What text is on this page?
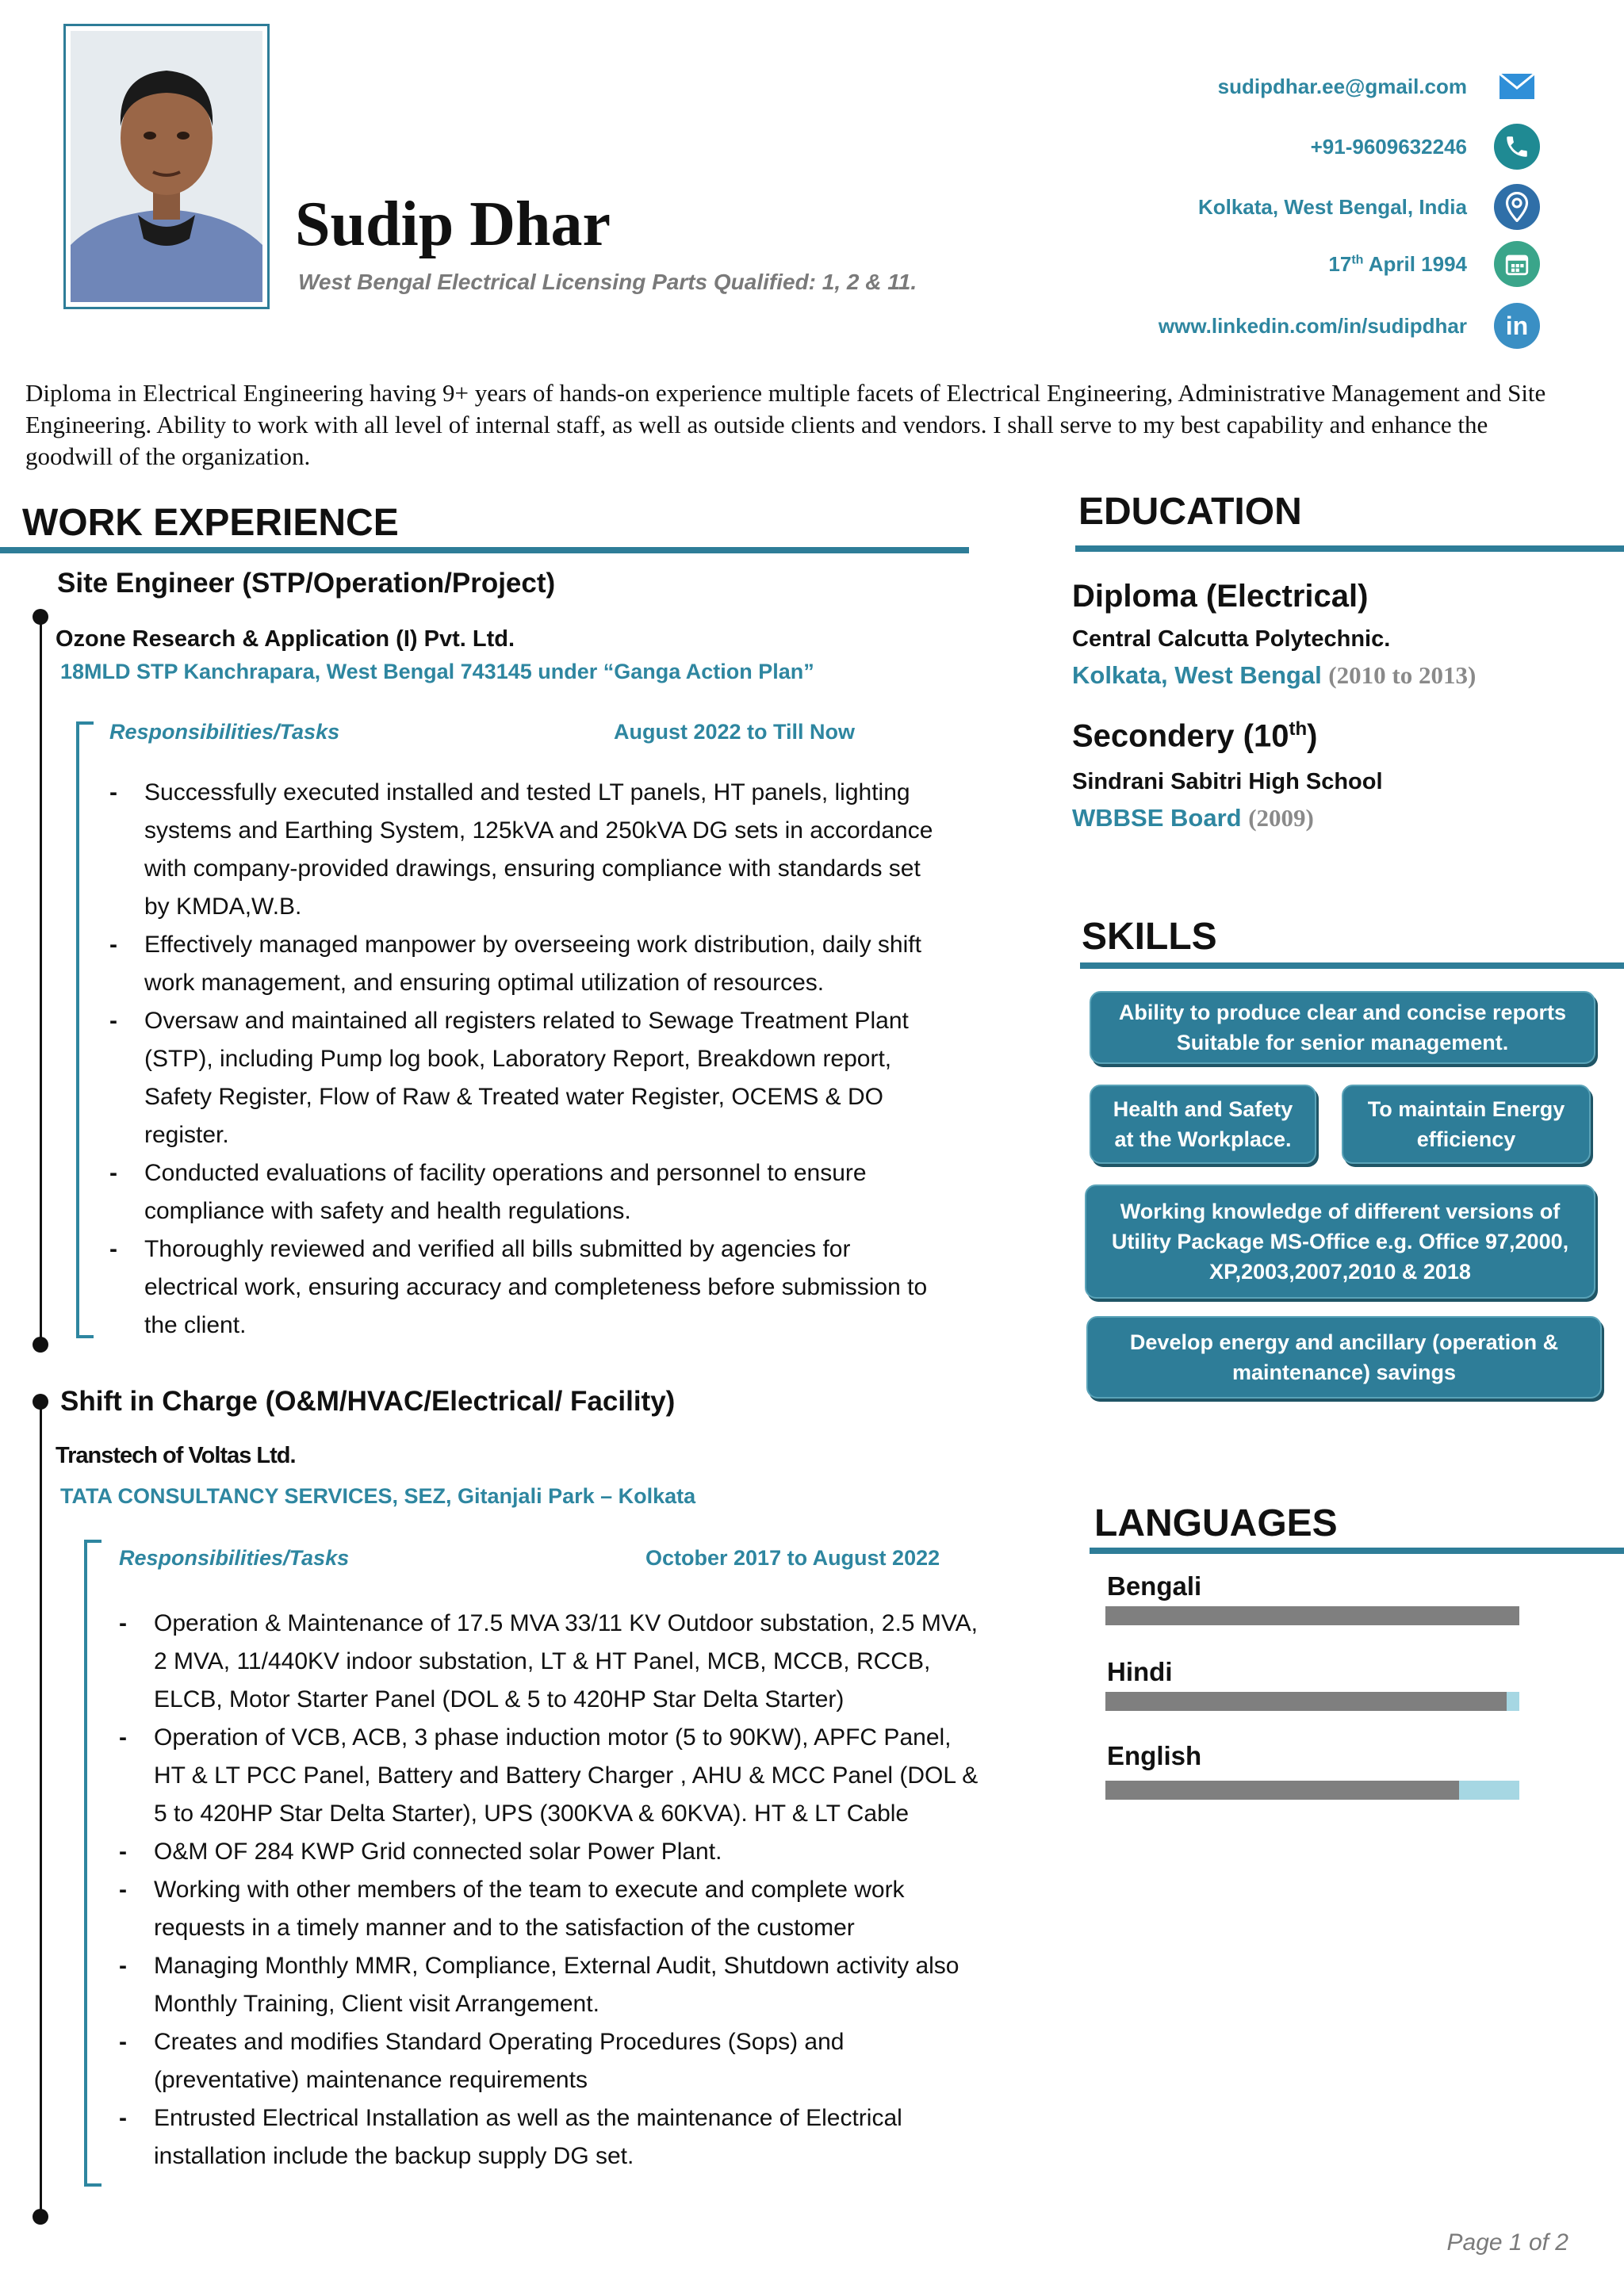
Sudip Dhar
West Bengal Electrical Licensing Parts Qualified: 1, 2 & 11.
sudipdhar.ee@gmail.com
+91-9609632246
Kolkata, West Bengal, India
17th April 1994
www.linkedin.com/in/sudipdhar in
Diploma in Electrical Engineering having 9+ years of hands-on experience multiple facets of Electrical Engineering, Administrative Management and Site Engineering. Ability to work with all level of internal staff, as well as outside clients and vendors. I shall serve to my best capability and enhance the goodwill of the organization.
WORK EXPERIENCE
Site Engineer (STP/Operation/Project)
Ozone Research & Application (I) Pvt. Ltd.
18MLD STP Kanchrapara, West Bengal 743145 under “Ganga Action Plan”
Responsibilities/Tasks	August 2022 to Till Now
- Successfully executed installed and tested LT panels, HT panels, lighting systems and Earthing System, 125kVA and 250kVA DG sets in accordance with company-provided drawings, ensuring compliance with standards set by KMDA,W.B.
- Effectively managed manpower by overseeing work distribution, daily shift work management, and ensuring optimal utilization of resources.
- Oversaw and maintained all registers related to Sewage Treatment Plant (STP), including Pump log book, Laboratory Report, Breakdown report, Safety Register, Flow of Raw & Treated water Register, OCEMS & DO register.
- Conducted evaluations of facility operations and personnel to ensure compliance with safety and health regulations.
- Thoroughly reviewed and verified all bills submitted by agencies for electrical work, ensuring accuracy and completeness before submission to the client.
Shift in Charge (O&M/HVAC/Electrical/ Facility)
Transtech of Voltas Ltd.
TATA CONSULTANCY SERVICES, SEZ, Gitanjali Park – Kolkata
Responsibilities/Tasks	October 2017 to August 2022
- Operation & Maintenance of 17.5 MVA 33/11 KV Outdoor substation, 2.5 MVA, 2 MVA, 11/440KV indoor substation, LT & HT Panel, MCB, MCCB, RCCB, ELCB, Motor Starter Panel (DOL & 5 to 420HP Star Delta Starter)
- Operation of VCB, ACB, 3 phase induction motor (5 to 90KW), APFC Panel, HT & LT PCC Panel, Battery and Battery Charger , AHU & MCC Panel (DOL & 5 to 420HP Star Delta Starter), UPS (300KVA & 60KVA). HT & LT Cable
- O&M OF 284 KWP Grid connected solar Power Plant.
- Working with other members of the team to execute and complete work requests in a timely manner and to the satisfaction of the customer
- Managing Monthly MMR, Compliance, External Audit, Shutdown activity also Monthly Training, Client visit Arrangement.
- Creates and modifies Standard Operating Procedures (Sops) and (preventative) maintenance requirements
- Entrusted Electrical Installation as well as the maintenance of Electrical installation include the backup supply DG set.
EDUCATION
Diploma (Electrical)
Central Calcutta Polytechnic.
Kolkata, West Bengal (2010 to 2013)
Secondery (10th)
Sindrani Sabitri High School
WBBSE Board (2009)
SKILLS
Ability to produce clear and concise reports Suitable for senior management.
Health and Safety at the Workplace.
To maintain Energy efficiency
Working knowledge of different versions of Utility Package MS-Office e.g. Office 97,2000, XP,2003,2007,2010 & 2018
Develop energy and ancillary (operation & maintenance) savings
LANGUAGES
Bengali
Hindi
English
Page 1 of 2
